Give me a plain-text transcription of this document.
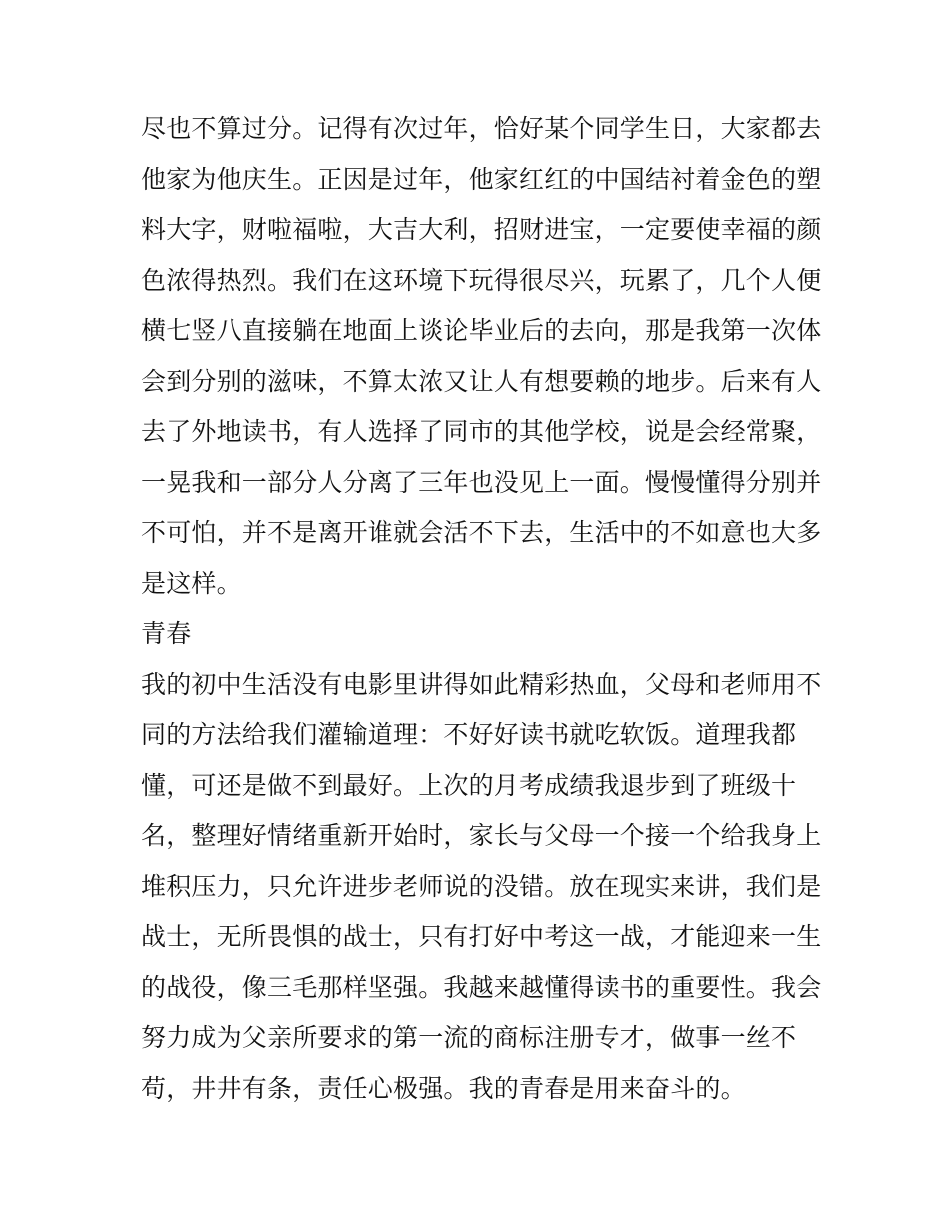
尽也不算过分。记得有次过年，恰好某个同学生日，大家都去
他家为他庆生。正因是过年，他家红红的中国结衬着金色的塑
料大字，财啦福啦，大吉大利，招财进宝，一定要使幸福的颜
色浓得热烈。我们在这环境下玩得很尽兴，玩累了，几个人便
横七竖八直接躺在地面上谈论毕业后的去向，那是我第一次体
会到分别的滋味，不算太浓又让人有想要赖的地步。后来有人
去了外地读书，有人选择了同市的其他学校，说是会经常聚，
一晃我和一部分人分离了三年也没见上一面。慢慢懂得分别并
不可怕，并不是离开谁就会活不下去，生活中的不如意也大多
是这样。
青春
我的初中生活没有电影里讲得如此精彩热血，父母和老师用不
同的方法给我们灌输道理：不好好读书就吃软饭。道理我都
懂，可还是做不到最好。上次的月考成绩我退步到了班级十
名，整理好情绪重新开始时，家长与父母一个接一个给我身上
堆积压力，只允许进步老师说的没错。放在现实来讲，我们是
战士，无所畏惧的战士，只有打好中考这一战，才能迎来一生
的战役，像三毛那样坚强。我越来越懂得读书的重要性。我会
努力成为父亲所要求的第一流的商标注册专才，做事一丝不
苟，井井有条，责任心极强。我的青春是用来奋斗的。
